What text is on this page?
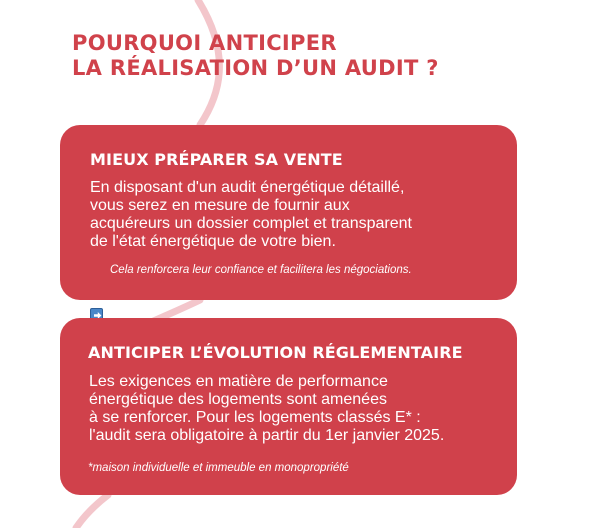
POURQUOI ANTICIPER
LA RÉALISATION D’UN AUDIT ?
MIEUX PRÉPARER SA VENTE

En disposant d'un audit énergétique détaillé,
vous serez en mesure de fournir aux
acquéreurs un dossier complet et transparent
de l'état énergétique de votre bien.

Cela renforcera leur confiance et facilitera les négociations.

ANTICIPER L’ÉVOLUTION RÉGLEMENTAIRE

Les exigences en matière de performance
énergétique des logements sont amenées
à se renforcer. Pour les logements classés E* :
l'audit sera obligatoire à partir du 1er janvier 2025.

*maison individuelle et immeuble en monopropriété
